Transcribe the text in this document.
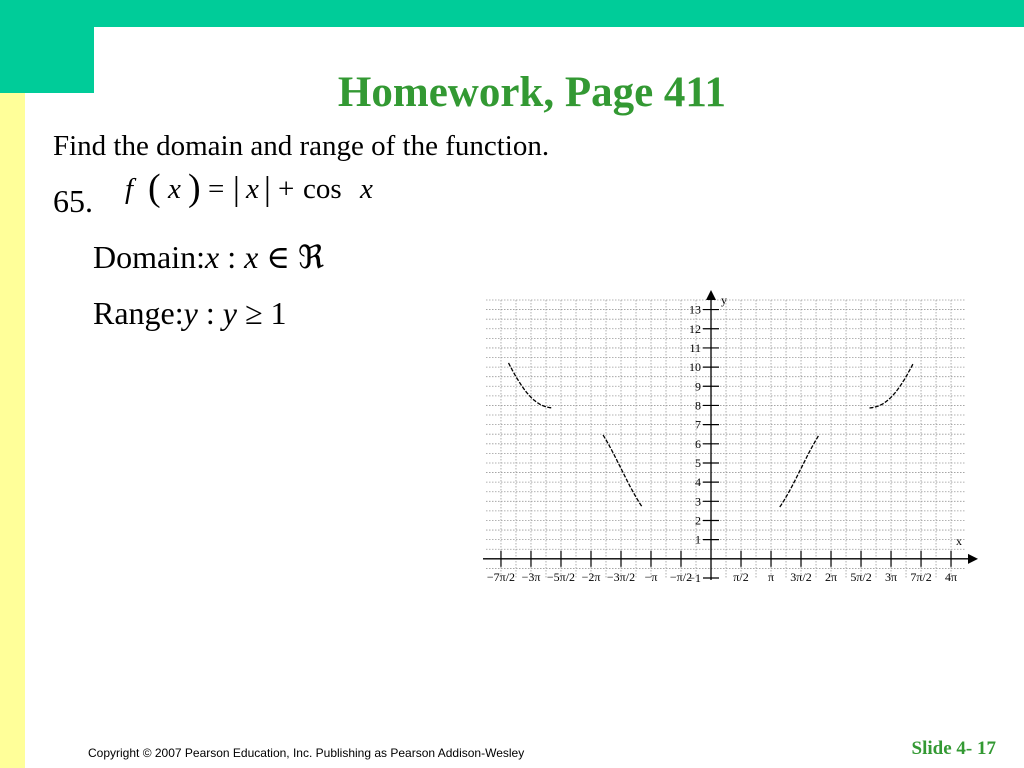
Homework, Page 411
Find the domain and range of the function.
65. f ( x ) = | x | + cos x
Domain:x : x ∈ ℜ
Range:y : y ≥ 1
x
y
−1
1
2
3
4
5
6
7
8
9
10
11
12
13
−7π/2 −3π −5π/2 −2π −3π/2 −π −π/2	π/2 π 3π/2 2π 5π/2 3π 7π/2 4π
Copyright © 2007 Pearson Education, Inc. Publishing as Pearson Addison-Wesley	Slide 4- 17
